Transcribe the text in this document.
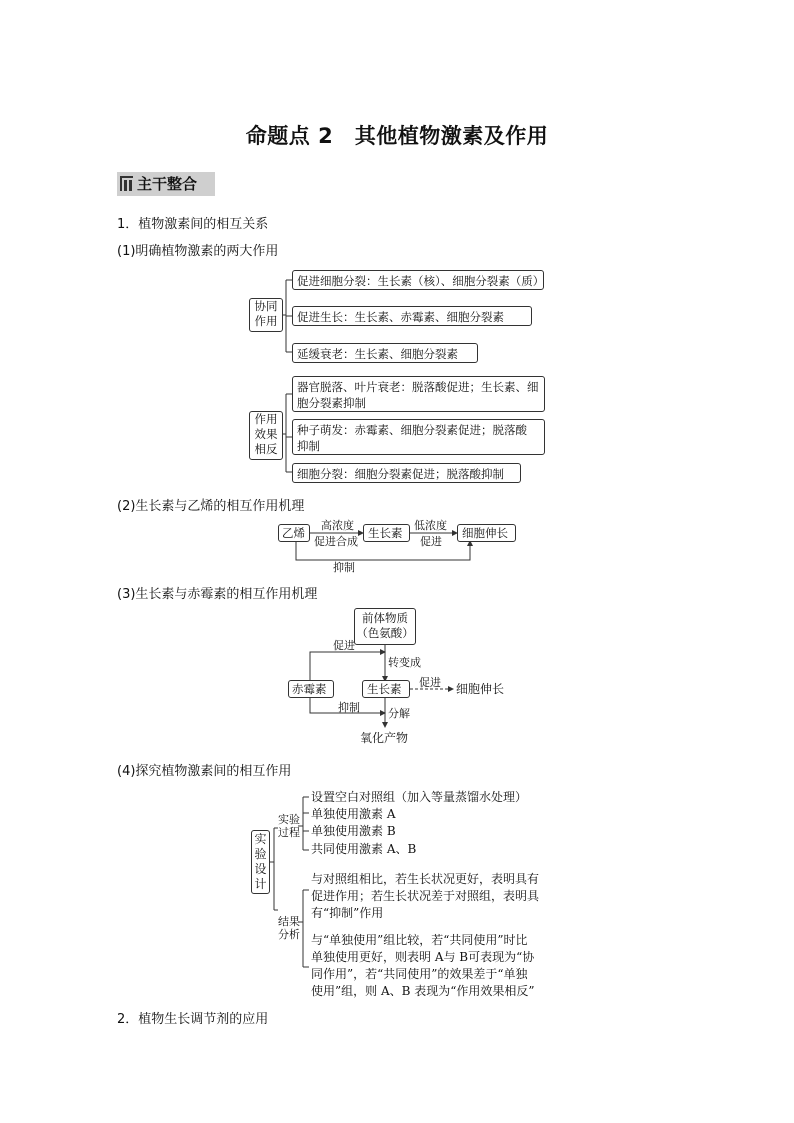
命题点 2　其他植物激素及作用
主干整合
1．植物激素间的相互关系
(1)明确植物激素的两大作用
(2)生长素与乙烯的相互作用机理
(3)生长素与赤霉素的相互作用机理
(4)探究植物激素间的相互作用
2．植物生长调节剂的应用
协同
作用
促进细胞分裂：生长素（核）、细胞分裂素（质）
促进生长：生长素、赤霉素、细胞分裂素
延缓衰老：生长素、细胞分裂素
作用
效果
相反
器官脱落、叶片衰老：脱落酸促进；生长素、细
胞分裂素抑制
种子萌发：赤霉素、细胞分裂素促进；脱落酸
抑制
细胞分裂：细胞分裂素促进；脱落酸抑制
乙烯	生长素	细胞伸长
高浓度
促进合成
低浓度
促进
抑制
前体物质
（色氨酸）
赤霉素	生长素	细胞伸长
氧化产物
促进
转变成
促进
抑制	分解
实
验
设
计
实验
过程
结果
分析
设置空白对照组（加入等量蒸馏水处理）
单独使用激素 A
单独使用激素 B
共同使用激素 A、B
与对照组相比，若生长状况更好，表明具有
促进作用；若生长状况差于对照组，表明具
有“抑制”作用
与“单独使用”组比较，若“共同使用”时比
单独使用更好，则表明 A与 B可表现为“协
同作用”，若“共同使用”的效果差于“单独
使用”组，则 A、B 表现为“作用效果相反”
